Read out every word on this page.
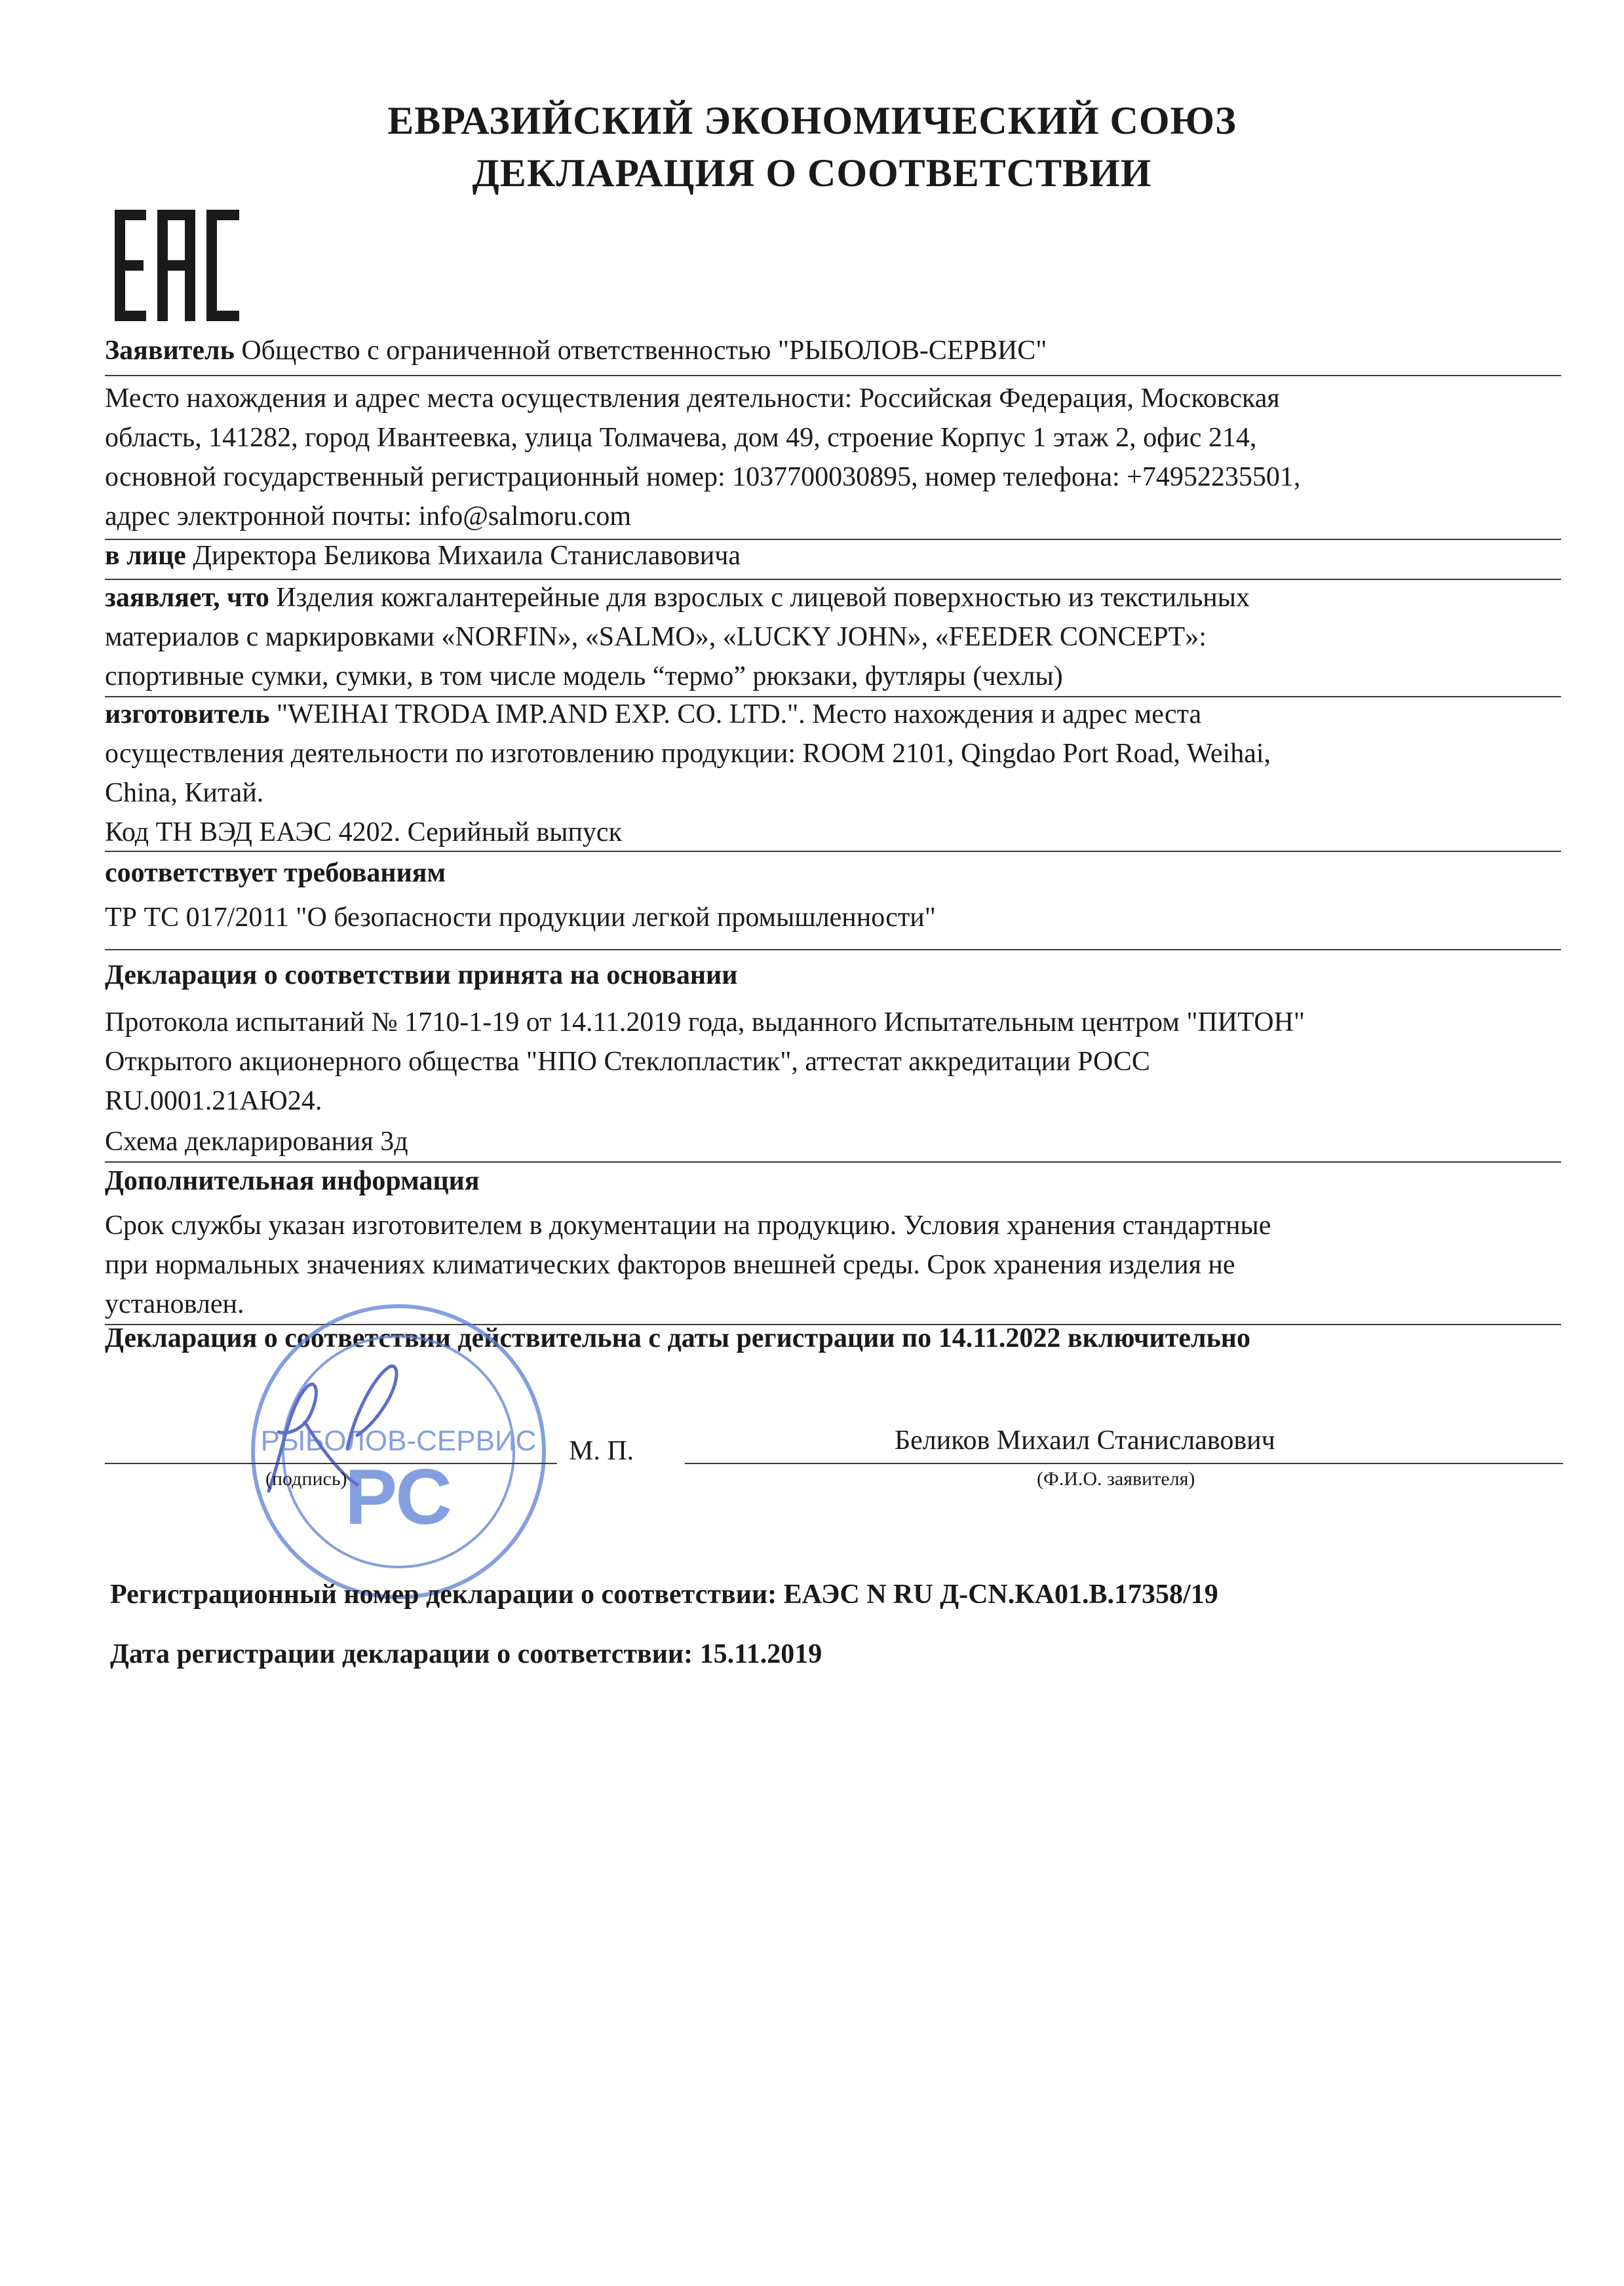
ЕВРАЗИЙСКИЙ ЭКОНОМИЧЕСКИЙ СОЮЗ
ДЕКЛАРАЦИЯ О СООТВЕТСТВИИ
Заявитель Общество с ограниченной ответственностью "РЫБОЛОВ-СЕРВИС"
Место нахождения и адрес места осуществления деятельности: Российская Федерация, Московская
область, 141282, город Ивантеевка, улица Толмачева, дом 49, строение Корпус 1 этаж 2, офис 214,
основной государственный регистрационный номер: 1037700030895, номер телефона: +74952235501,
адрес электронной почты: info@salmoru.com
в лице Директора Беликова Михаила Станиславовича
заявляет, что Изделия кожгалантерейные для взрослых с лицевой поверхностью из текстильных
материалов с маркировками «NORFIN», «SALMO», «LUCKY JOHN», «FEEDER CONCEPT»:
спортивные сумки, сумки, в том числе модель “термо” рюкзаки, футляры (чехлы)
изготовитель "WEIHAI TRODA IMP.AND EXP. CO. LTD.". Место нахождения и адрес места
осуществления деятельности по изготовлению продукции: ROOM 2101, Qingdao Port Road, Weihai,
China, Китай.
Код ТН ВЭД ЕАЭС 4202. Серийный выпуск
соответствует требованиям
ТР ТС 017/2011 "О безопасности продукции легкой промышленности"
Декларация о соответствии принята на основании
Протокола испытаний № 1710-1-19 от 14.11.2019 года, выданного Испытательным центром "ПИТОН"
Открытого акционерного общества "НПО Стеклопластик", аттестат аккредитации РОСС
RU.0001.21АЮ24.
Схема декларирования 3д
Дополнительная информация
Срок службы указан изготовителем в документации на продукцию. Условия хранения стандартные
при нормальных значениях климатических факторов внешней среды. Срок хранения изделия не
установлен.
Декларация о соответствии действительна с даты регистрации по 14.11.2022 включительно
РЫБОЛОВ-СЕРВИС
РС
(подпись)
М. П.	Беликов Михаил Станиславович
(Ф.И.О. заявителя)
Регистрационный номер декларации о соответствии: ЕАЭС N RU Д-CN.КА01.В.17358/19
Дата регистрации декларации о соответствии: 15.11.2019
